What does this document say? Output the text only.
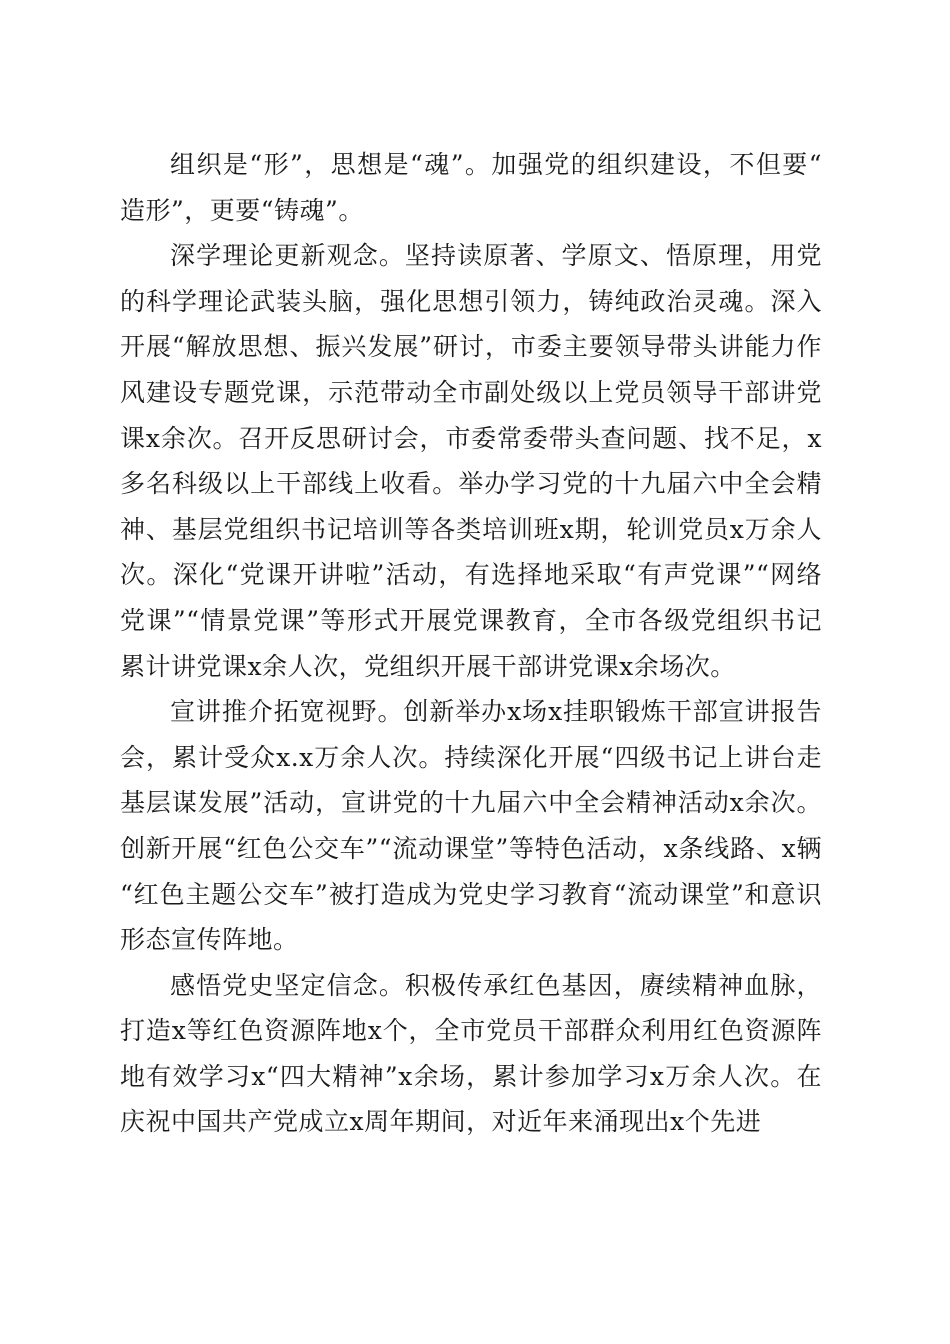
组织是“形”，思想是“魂”。加强党的组织建设，不但要“造形”，更要“铸魂”。

深学理论更新观念。坚持读原著、学原文、悟原理，用党的科学理论武装头脑，强化思想引领力，铸纯政治灵魂。深入开展“解放思想、振兴发展”研讨，市委主要领导带头讲能力作风建设专题党课，示范带动全市副处级以上党员领导干部讲党课x余次。召开反思研讨会，市委常委带头查问题、找不足，x多名科级以上干部线上收看。举办学习党的十九届六中全会精神、基层党组织书记培训等各类培训班x期，轮训党员x万余人次。深化“党课开讲啦”活动，有选择地采取“有声党课”“网络党课”“情景党课”等形式开展党课教育，全市各级党组织书记累计讲党课x余人次，党组织开展干部讲党课x余场次。

宣讲推介拓宽视野。创新举办x场x挂职锻炼干部宣讲报告会，累计受众x.x万余人次。持续深化开展“四级书记上讲台走基层谋发展”活动，宣讲党的十九届六中全会精神活动x余次。创新开展“红色公交车”“流动课堂”等特色活动，x条线路、x辆“红色主题公交车”被打造成为党史学习教育“流动课堂”和意识形态宣传阵地。

感悟党史坚定信念。积极传承红色基因，赓续精神血脉，打造x等红色资源阵地x个，全市党员干部群众利用红色资源阵地有效学习x“四大精神”x余场，累计参加学习x万余人次。在庆祝中国共产党成立x周年期间，对近年来涌现出x个先进
